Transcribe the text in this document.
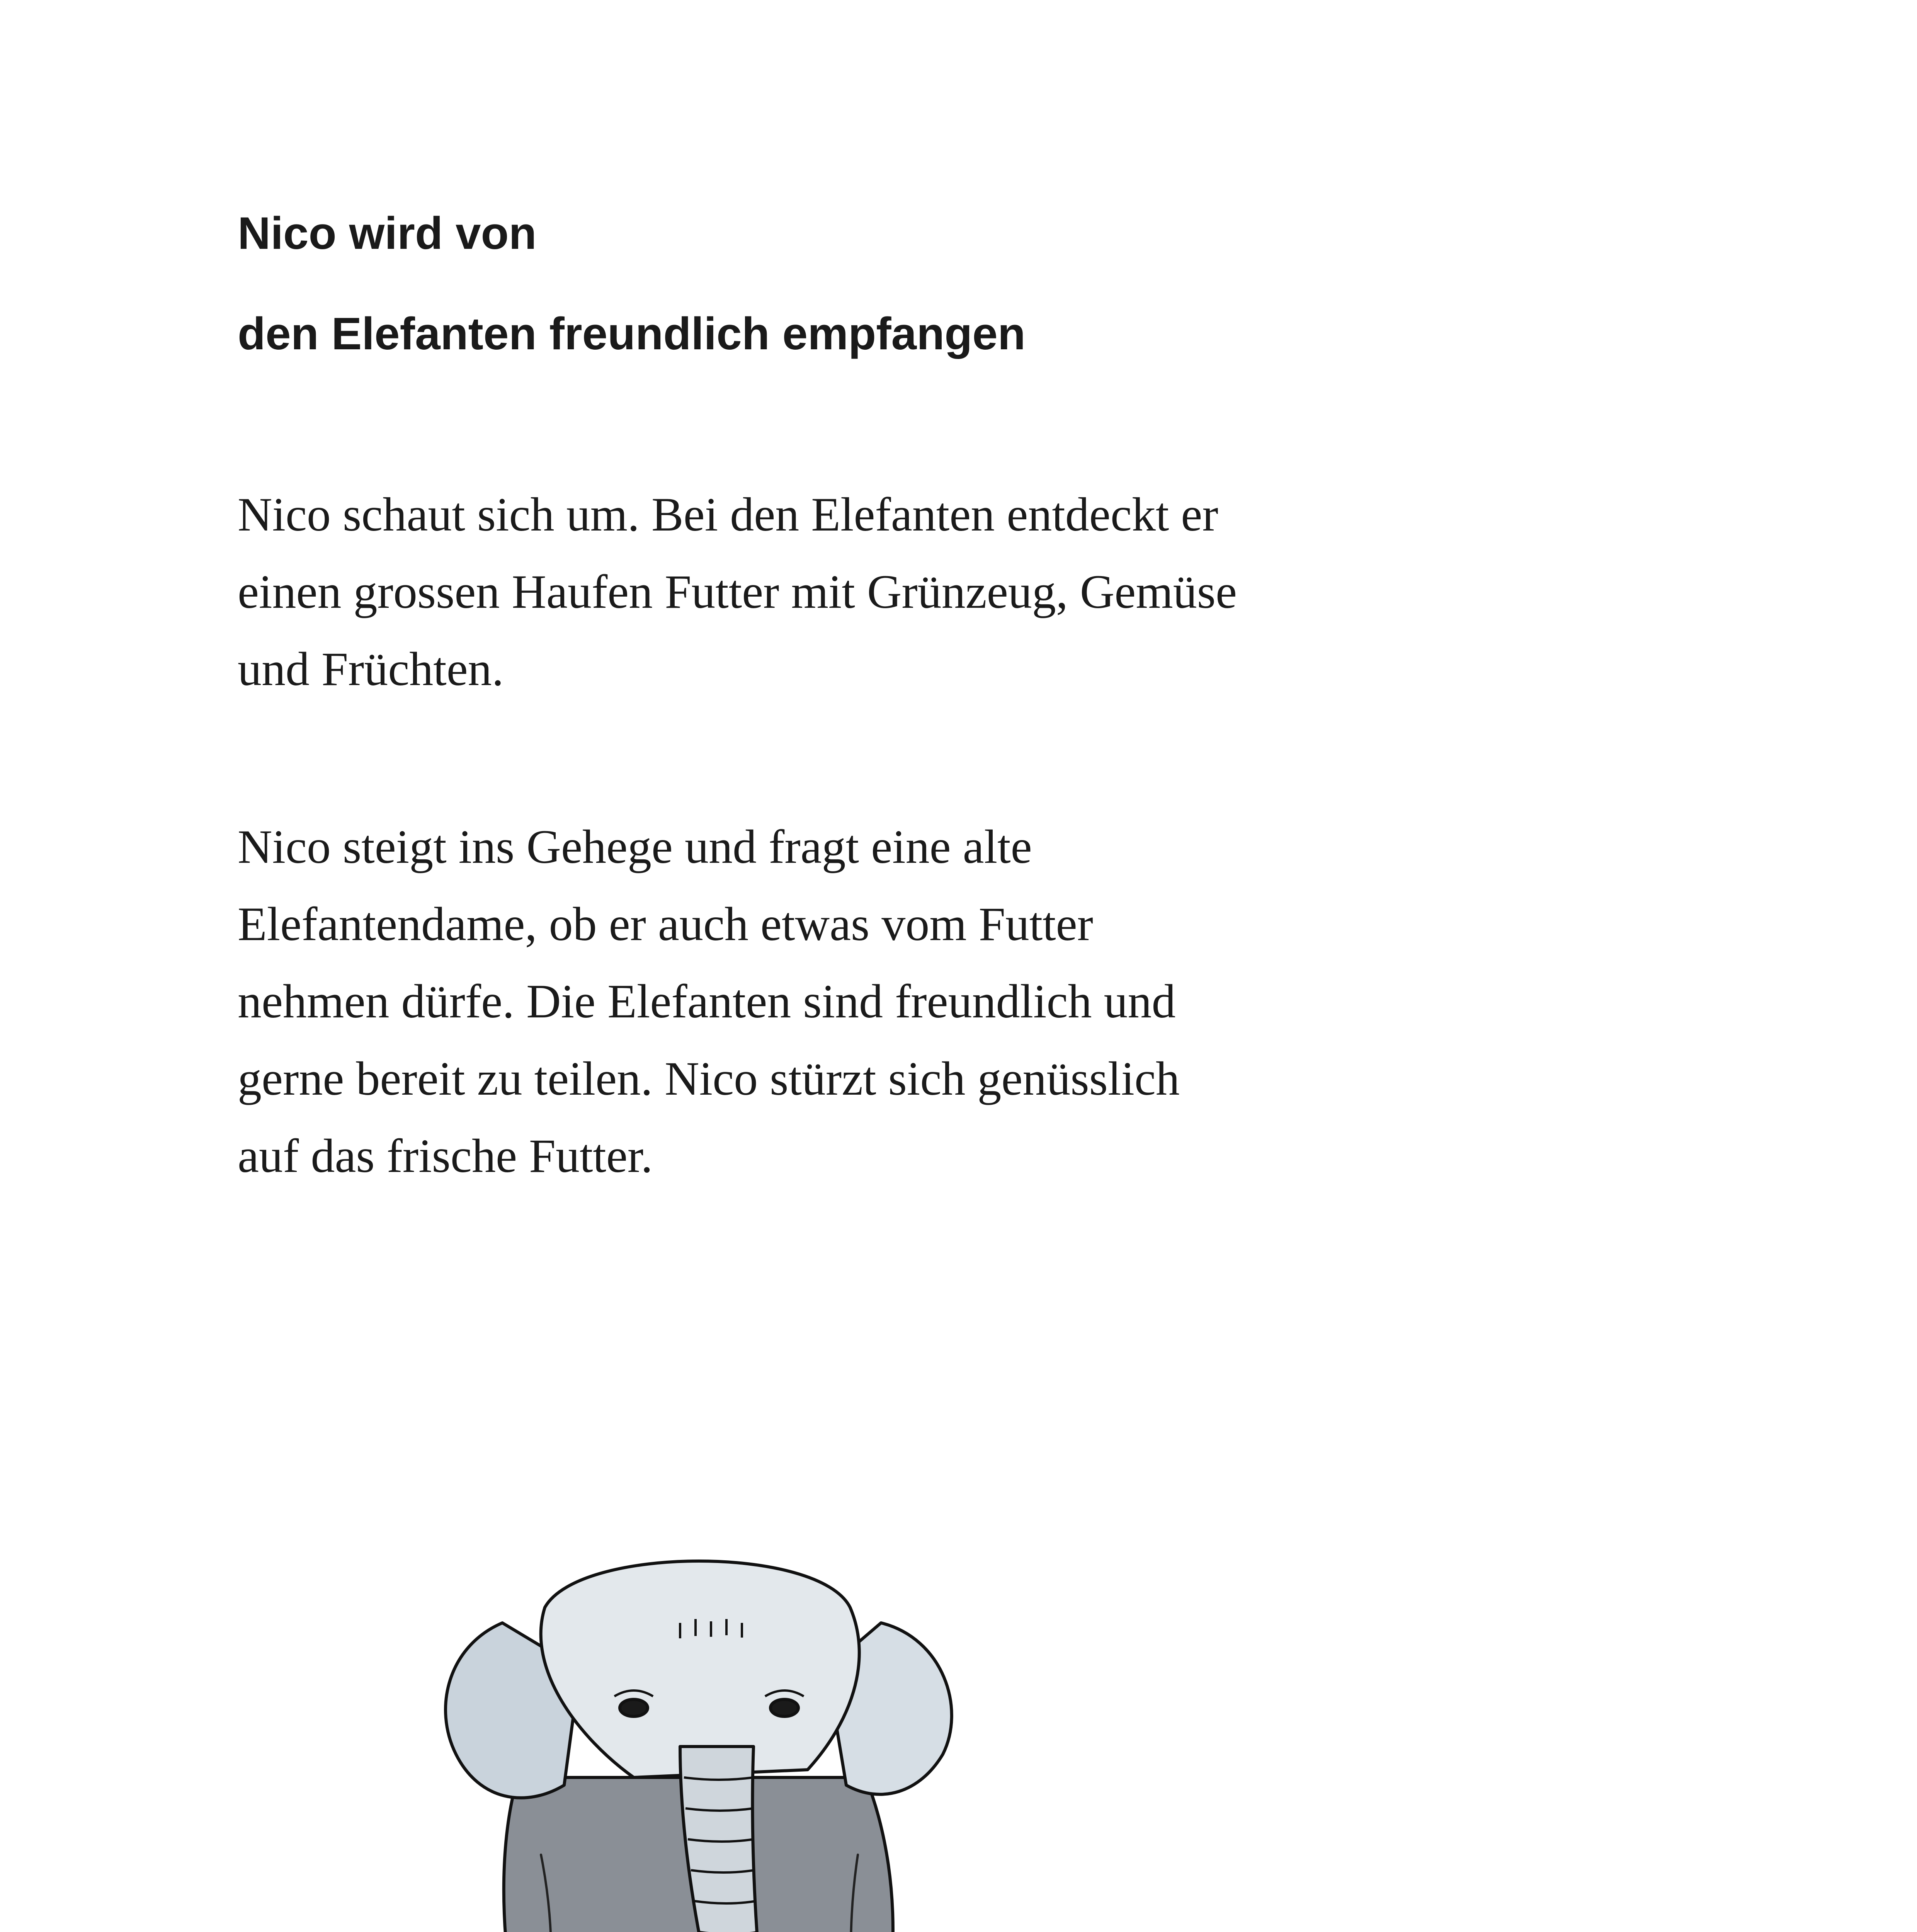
Nico wird von
den Elefanten freundlich empfangen

Nico schaut sich um. Bei den Elefanten entdeckt er
einen grossen Haufen Futter mit Grünzeug, Gemüse
und Früchten.

Nico steigt ins Gehege und fragt eine alte
Elefantendame, ob er auch etwas vom Futter
nehmen dürfe. Die Elefanten sind freundlich und
gerne bereit zu teilen. Nico stürzt sich genüsslich
auf das frische Futter.
